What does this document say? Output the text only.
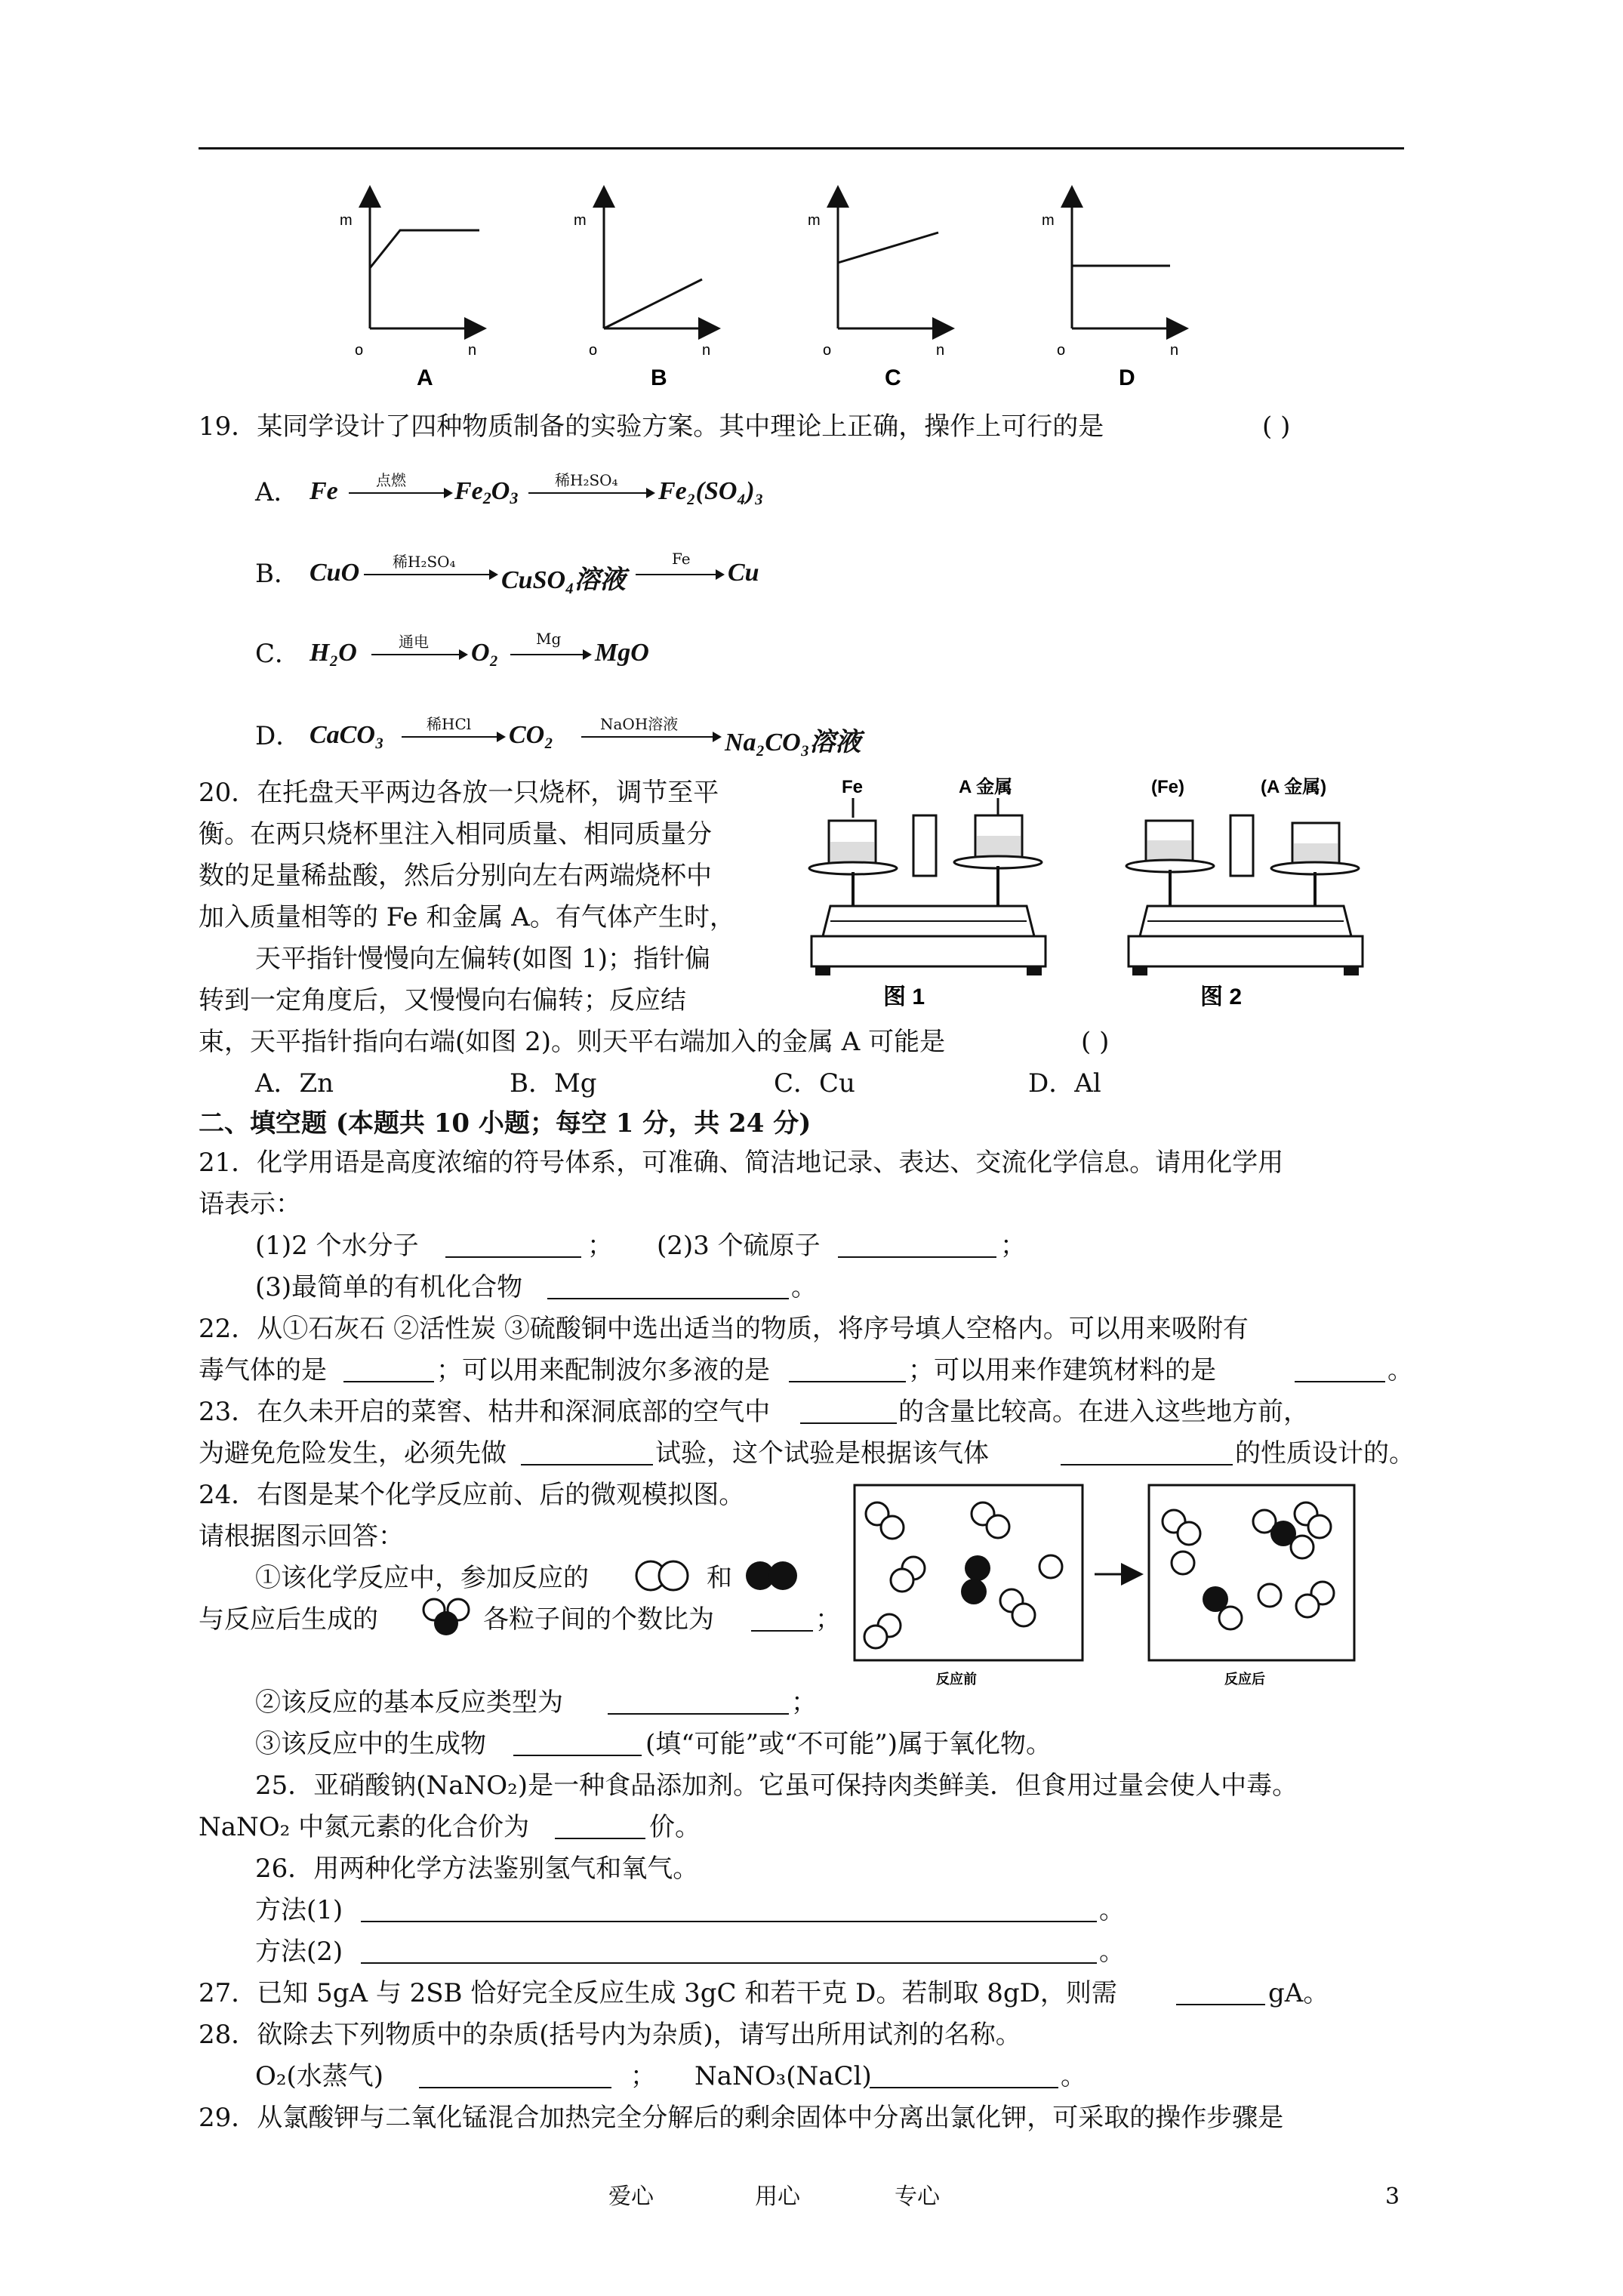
m
o	n
A
m
o	n
B
m
o	n
C
m
o	n
D
19．某同学设计了四种物质制备的实验方案。其中理论上正确，操作上可行的是	( )
A． Fe	点燃 $Fe_2O_3$
稀H₂SO₄ Fe₂(SO₄)₃
B． CuO 稀H₂SO₄
CuSO₄溶液
Fe Cu
C． H₂O	通电 O₂ Mg MgO
D． CaCO₃	稀HCl CO₂	NaOH溶液
Na₂CO₃溶液
20．在托盘天平两边各放一只烧杯，调节至平
衡。在两只烧杯里注入相同质量、相同质量分
数的足量稀盐酸，然后分别向左右两端烧杯中
加入质量相等的 Fe 和金属 A。有气体产生时，
天平指针慢慢向左偏转(如图 1)；指针偏
转到一定角度后，又慢慢向右偏转；反应结
束，天平指针指向右端(如图 2)。则天平右端加入的金属 A 可能是	( )
A．Zn	B．Mg	C．Cu	D．Al
Fe	A 金属
图 1
(Fe)	(A 金属)
图 2
二、填空题 (本题共 10 小题；每空 1 分，共 24 分)
21．化学用语是高度浓缩的符号体系，可准确、简洁地记录、表达、交流化学信息。请用化学用
语表示：
(1)2 个水分子	； (2)3 个硫原子	；
(3)最简单的有机化合物	。
22．从①石灰石 ②活性炭 ③硫酸铜中选出适当的物质，将序号填人空格内。可以用来吸附有
毒气体的是	；可以用来配制波尔多液的是	；可以用来作建筑材料的是	。
23．在久未开启的菜窖、枯井和深洞底部的空气中	的含量比较高。在进入这些地方前，
为避免危险发生，必须先做	试验，这个试验是根据该气体	的性质设计的。
24．右图是某个化学反应前、后的微观模拟图。
请根据图示回答：
①该化学反应中，参加反应的	和
与反应后生成的	各粒子间的个数比为	；
②该反应的基本反应类型为	；
③该反应中的生成物	(填“可能”或“不可能”)属于氧化物。
反应前	反应后
25．亚硝酸钠(NaNO₂)是一种食品添加剂。它虽可保持肉类鲜美．但食用过量会使人中毒。
NaNO₂ 中氮元素的化合价为	价。
26．用两种化学方法鉴别氢气和氧气。
方法(1)	。
方法(2)	。
27．已知 5gA 与 2SB 恰好完全反应生成 3gC 和若干克 D。若制取 8gD，则需	gA。
28．欲除去下列物质中的杂质(括号内为杂质)，请写出所用试剂的名称。
O₂(水蒸气)	； NaNO₃(NaCl)	。
29．从氯酸钾与二氧化锰混合加热完全分解后的剩余固体中分离出氯化钾，可采取的操作步骤是
爱心	用心	专心	3
